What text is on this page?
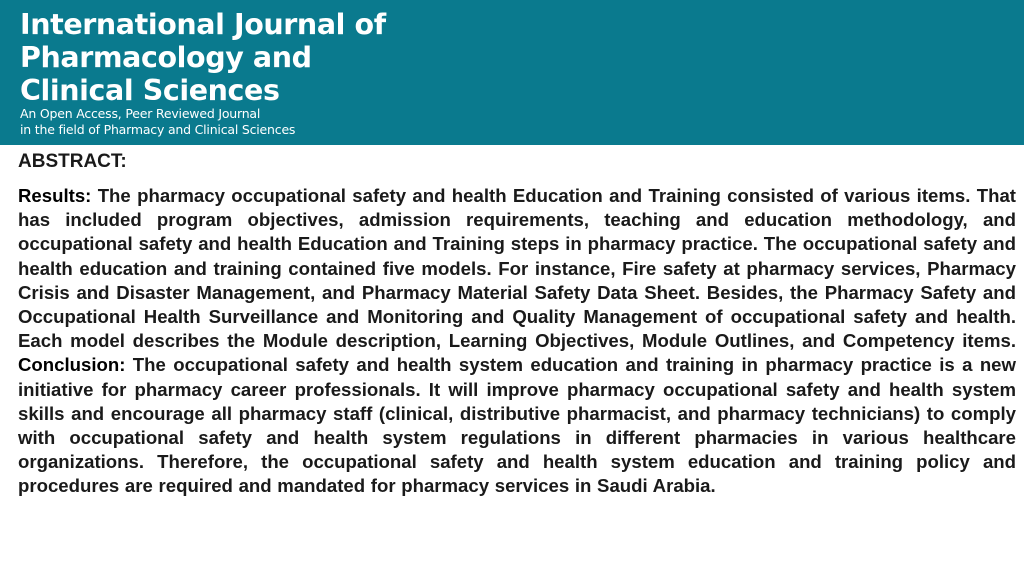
International Journal of
Pharmacology and
Clinical Sciences
An Open Access, Peer Reviewed Journal
in the field of Pharmacy and Clinical Sciences
ABSTRACT:

Results: The pharmacy occupational safety and health Education and Training consisted of various items. That has included program objectives, admission requirements, teaching and education methodology, and occupational safety and health Education and Training steps in pharmacy practice. The occupational safety and health education and training contained five models. For instance, Fire safety at pharmacy services, Pharmacy Crisis and Disaster Management, and Pharmacy Material Safety Data Sheet. Besides, the Pharmacy Safety and Occupational Health Surveillance and Monitoring and Quality Management of occupational safety and health. Each model describes the Module description, Learning Objectives, Module Outlines, and Competency items. Conclusion: The occupational safety and health system education and training in pharmacy practice is a new initiative for pharmacy career professionals. It will improve pharmacy occupational safety and health system skills and encourage all pharmacy staff (clinical, distributive pharmacist, and pharmacy technicians) to comply with occupational safety and health system regulations in different pharmacies in various healthcare organizations. Therefore, the occupational safety and health system education and training policy and procedures are required and mandated for pharmacy services in Saudi Arabia.
